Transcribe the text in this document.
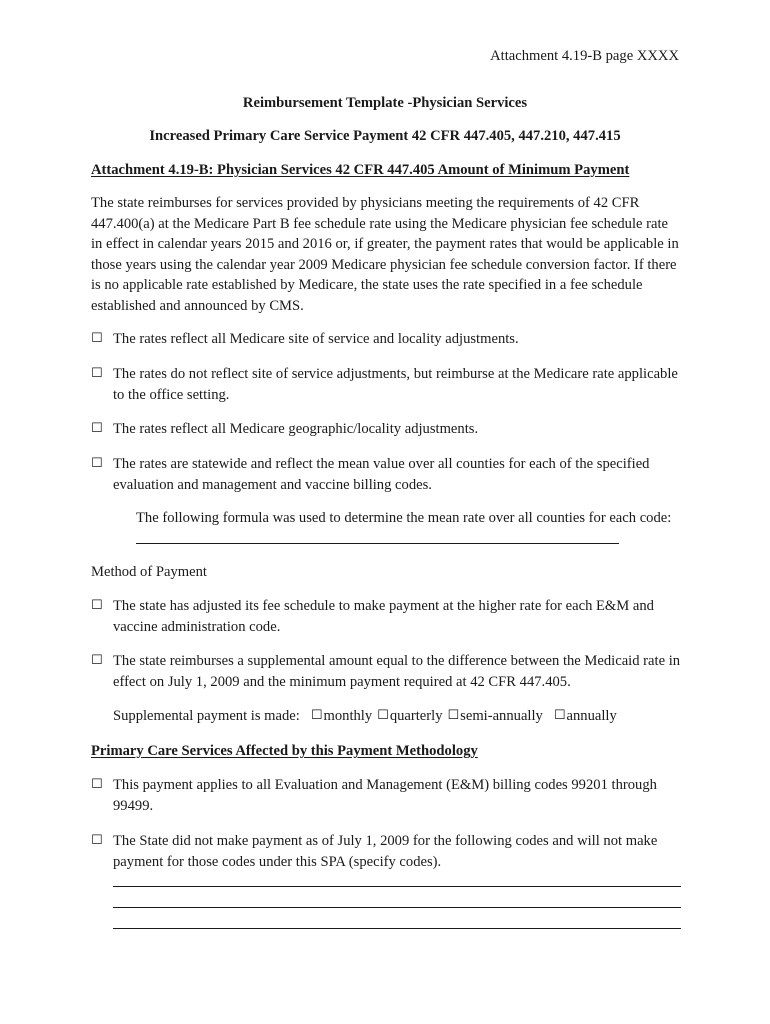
Attachment 4.19-B page XXXX
Reimbursement Template -Physician Services
Increased Primary Care Service Payment 42 CFR 447.405, 447.210, 447.415
Attachment 4.19-B: Physician Services 42 CFR 447.405 Amount of Minimum Payment
The state reimburses for services provided by physicians meeting the requirements of 42 CFR 447.400(a) at the Medicare Part B fee schedule rate using the Medicare physician fee schedule rate in effect in calendar years 2015 and 2016 or, if greater, the payment rates that would be applicable in those years using the calendar year 2009 Medicare physician fee schedule conversion factor. If there is no applicable rate established by Medicare, the state uses the rate specified in a fee schedule established and announced by CMS.
☐ The rates reflect all Medicare site of service and locality adjustments.
☐ The rates do not reflect site of service adjustments, but reimburse at the Medicare rate applicable to the office setting.
☐ The rates reflect all Medicare geographic/locality adjustments.
☐ The rates are statewide and reflect the mean value over all counties for each of the specified evaluation and management and vaccine billing codes.
The following formula was used to determine the mean rate over all counties for each code:
Method of Payment
☐ The state has adjusted its fee schedule to make payment at the higher rate for each E&M and vaccine administration code.
☐ The state reimburses a supplemental amount equal to the difference between the Medicaid rate in effect on July 1, 2009 and the minimum payment required at 42 CFR 447.405.
Supplemental payment is made: ☐ monthly ☐ quarterly ☐ semi-annually ☐ annually
Primary Care Services Affected by this Payment Methodology
☐ This payment applies to all Evaluation and Management (E&M) billing codes 99201 through 99499.
☐ The State did not make payment as of July 1, 2009 for the following codes and will not make payment for those codes under this SPA (specify codes).
